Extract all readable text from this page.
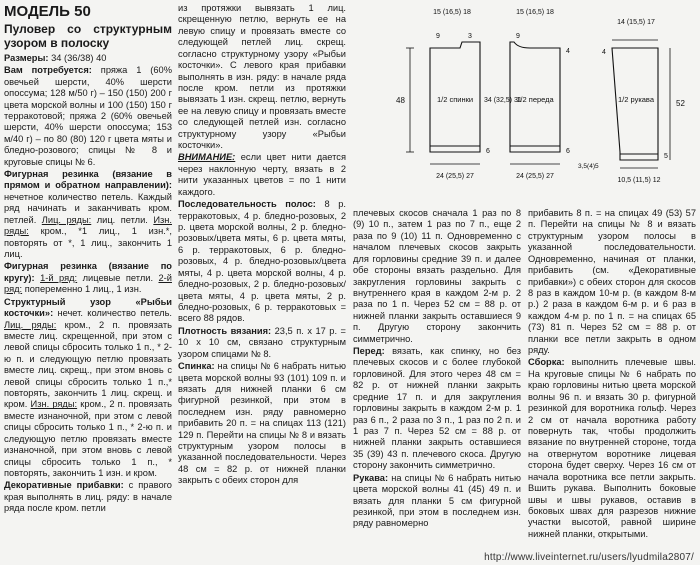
МОДЕЛЬ 50
Пуловер со структурным узором в полоску

Размеры: 34 (36/38) 40

Вам потребуется: пряжа 1 (60% овечьей шерсти, 40% шерсти опоссума; 128 м/50 г) – 150 (150) 200 г цвета морской волны и 100 (150) 150 г терракотовой; пряжа 2 (60% овечьей шерсти, 40% шерсти опоссума; 153 м/40 г) – по 80 (80) 120 г цвета мяты и бледно-розового; спицы № 8 и круговые спицы № 6.

Фигурная резинка (вязание в прямом и обратном направлении): нечетное количество петель. Каждый ряд начинать и заканчивать кром. петлей. Лиц. ряды: лиц. петли. Изн. ряды: кром., *1 лиц., 1 изн.*, повторять от *, 1 лиц., закончить 1 лиц.

Фигурная резинка (вязание по кругу): 1-й ряд: лицевые петли. 2-й ряд: попеременно 1 лиц., 1 изн.

Структурный узор «Рыбьи косточки»: нечет. количество петель. Лиц. ряды: кром., 2 п. провязать вместе лиц. скрещенной, при этом с левой спицы сбросить только 1 п., * 2-ю п. и следующую петлю провязать вместе лиц. скрещ., при этом вновь с левой спицы сбросить только 1 п.,* повторять, закончить 1 лиц. скрещ. и кром. Изн. ряды: кром., 2 п. провязать вместе изнаночной, при этом с левой спицы сбросить только 1 п., * 2-ю п. и следующую петлю провязать вместе изнаночной, при этом вновь с левой спицы сбросить только 1 п., * повторять, закончить 1 изн. и кром.

Декоративные прибавки: с правого края выполнять в лиц. ряду: в начале ряда после кром. петли

из протяжки вывязать 1 лиц. скрещенную петлю, вернуть ее на левую спицу и провязать вместе со следующей петлей лиц. скрещ. согласно структурному узору «Рыбьи косточки». С левого края прибавки выполнять в изн. ряду: в начале ряда после кром. петли из протяжки вывязать 1 изн. скрещ. петлю, вернуть ее на левую спицу и провязать вместе со следующей петлей изн. согласно структурному узору «Рыбьи косточки».

ВНИМАНИЕ: если цвет нити дается через наклонную черту, вязать в 2 нити указанных цветов = по 1 нити каждого.

Последовательность полос: 8 р. терракотовых, 4 р. бледно-розовых, 2 р. цвета морской волны, 2 р. бледно-розовых/цвета мяты, 6 р. цвета мяты, 6 р. терракотовых, 6 р. бледно-розовых, 4 р. бледно-розовых/цвета мяты, 4 р. цвета морской волны, 4 р. бледно-розовых, 2 р. бледно-розовых/цвета мяты, 4 р. цвета мяты, 2 р. бледно-розовых, 6 р. терракотовых = всего 88 рядов.

Плотность вязания: 23,5 п. х 17 р. = 10 х 10 см, связано структурным узором спицами № 8.

Спинка: на спицы № 6 набрать нитью цвета морской волны 93 (101) 109 п. и вязать для нижней планки 6 см фигурной резинкой, при этом в последнем изн. ряду равномерно прибавить 20 п. = на спицах 113 (121) 129 п. Перейти на спицы № 8 и вязать структурным узором полосы в указанной последовательности. Через 48 см = 82 р. от нижней планки закрыть с обеих сторон для

15 (16,5) 18
9	3
48	34 (32,5) 31
1/2 спинки
24 (25,5) 27
6
15 (16,5) 18
9
4
1/2 переда
24 (25,5) 27
6
14 (15,5) 17
52
1/2 рукава
10,5 (11,5) 12
3,5(4)5
5
4

плечевых скосов сначала 1 раз по 8 (9) 10 п., затем 1 раз по 7 п., еще 2 раза по 9 (10) 11 п. Одновременно с началом плечевых скосов закрыть для горловины средние 39 п. и далее обе стороны вязать раздельно. Для закругления горловины закрыть с внутреннего края в каждом 2-м р. 2 раза по 1 п. Через 52 см = 88 р. от нижней планки закрыть оставшиеся 9 п. Другую сторону закончить симметрично.

Перед: вязать, как спинку, но без плечевых скосов и с более глубокой горловиной. Для этого через 48 см = 82 р. от нижней планки закрыть средние 17 п. и для закругления горловины закрыть в каждом 2-м р. 1 раз 6 п., 2 раза по 3 п., 1 раз по 2 п. и 1 раз 7 п. Через 52 см = 88 р. от нижней планки закрыть оставшиеся 35 (39) 43 п. плечевого скоса. Другую сторону закончить симметрично.

Рукава: на спицы № 6 набрать нитью цвета морской волны 41 (45) 49 п. и вязать для планки 5 см фигурной резинкой, при этом в последнем изн. ряду равномерно

прибавить 8 п. = на спицах 49 (53) 57 п. Перейти на спицы № 8 и вязать структурным узором полосы в указанной последовательности. Одновременно, начиная от планки, прибавить (см. «Декоративные прибавки») с обеих сторон для скосов 8 раз в каждом 10-м р. (в каждом 8-м р.) 2 раза в каждом 6-м р. и 6 раз в каждом 4-м р. по 1 п. = на спицах 65 (73) 81 п. Через 52 см = 88 р. от планки все петли закрыть в одном ряду.

Сборка: выполнить плечевые швы. На круговые спицы № 6 набрать по краю горловины нитью цвета морской волны 96 п. и вязать 30 р. фигурной резинкой для воротника гольф. Через 2 см от начала воротника работу повернуть так, чтобы продолжить вязание по внутренней стороне, тогда на отвернутом воротнике лицевая сторона будет сверху. Через 16 см от начала воротника все петли закрыть. Вшить рукава. Выполнить боковые швы и швы рукавов, оставив в боковых швах для разрезов нижние участки высотой, равной ширине нижней планки, открытыми.

http://www.liveinternet.ru/users/lyudmila2807/
